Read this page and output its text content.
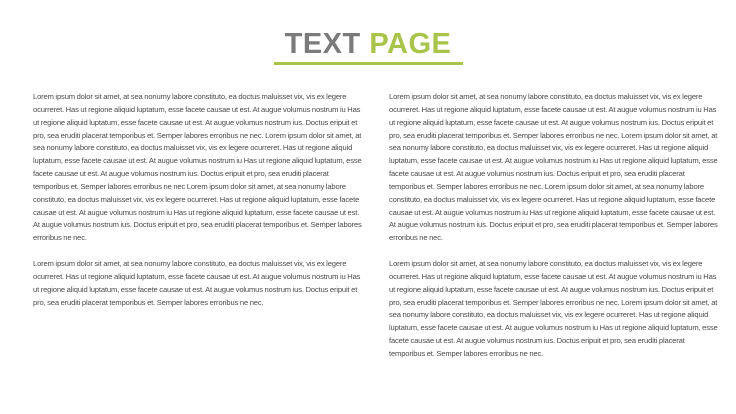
TEXT PAGE

Lorem ipsum dolor sit amet, at sea nonumy labore constituto, ea doctus maluisset vix, vis ex legere ocurreret. Has ut regione aliquid luptatum, esse facete causae ut est. At augue volumus nostrum iu Has ut regione aliquid luptatum, esse facete causae ut est. At augue volumus nostrum ius. Doctus eripuit et pro, sea eruditi placerat temporibus et. Semper labores erroribus ne nec. Lorem ipsum dolor sit amet, at sea nonumy labore constituto, ea doctus maluisset vix, vis ex legere ocurreret. Has ut regione aliquid luptatum, esse facete causae ut est. At augue volumus nostrum iu Has ut regione aliquid luptatum, esse facete causae ut est. At augue volumus nostrum ius. Doctus eripuit et pro, sea eruditi placerat temporibus et. Semper labores erroribus ne nec Lorem ipsum dolor sit amet, at sea nonumy labore constituto, ea doctus maluisset vix, vis ex legere ocurreret. Has ut regione aliquid luptatum, esse facete causae ut est. At augue volumus nostrum iu Has ut regione aliquid luptatum, esse facete causae ut est. At augue volumus nostrum ius. Doctus eripuit et pro, sea eruditi placerat temporibus et. Semper labores erroribus ne nec.

Lorem ipsum dolor sit amet, at sea nonumy labore constituto, ea doctus maluisset vix, vis ex legere ocurreret. Has ut regione aliquid luptatum, esse facete causae ut est. At augue volumus nostrum iu Has ut regione aliquid luptatum, esse facete causae ut est. At augue volumus nostrum ius. Doctus eripuit et pro, sea eruditi placerat temporibus et. Semper labores erroribus ne nec.

Lorem ipsum dolor sit amet, at sea nonumy labore constituto, ea doctus maluisset vix, vis ex legere ocurreret. Has ut regione aliquid luptatum, esse facete causae ut est. At augue volumus nostrum iu Has ut regione aliquid luptatum, esse facete causae ut est. At augue volumus nostrum ius. Doctus eripuit et pro, sea eruditi placerat temporibus et. Semper labores erroribus ne nec. Lorem ipsum dolor sit amet, at sea nonumy labore constituto, ea doctus maluisset vix, vis ex legere ocurreret. Has ut regione aliquid luptatum, esse facete causae ut est. At augue volumus nostrum iu Has ut regione aliquid luptatum, esse facete causae ut est. At augue volumus nostrum ius. Doctus eripuit et pro, sea eruditi placerat temporibus et. Semper labores erroribus ne nec. Lorem ipsum dolor sit amet, at sea nonumy labore constituto, ea doctus maluisset vix, vis ex legere ocurreret. Has ut regione aliquid luptatum, esse facete causae ut est. At augue volumus nostrum iu Has ut regione aliquid luptatum, esse facete causae ut est. At augue volumus nostrum ius. Doctus eripuit et pro, sea eruditi placerat temporibus et. Semper labores erroribus ne nec.

Lorem ipsum dolor sit amet, at sea nonumy labore constituto, ea doctus maluisset vix, vis ex legere ocurreret. Has ut regione aliquid luptatum, esse facete causae ut est. At augue volumus nostrum iu Has ut regione aliquid luptatum, esse facete causae ut est. At augue volumus nostrum ius. Doctus eripuit et pro, sea eruditi placerat temporibus et. Semper labores erroribus ne nec. Lorem ipsum dolor sit amet, at sea nonumy labore constituto, ea doctus maluisset vix, vis ex legere ocurreret. Has ut regione aliquid luptatum, esse facete causae ut est. At augue volumus nostrum iu Has ut regione aliquid luptatum, esse facete causae ut est. At augue volumus nostrum ius. Doctus eripuit et pro, sea eruditi placerat temporibus et. Semper labores erroribus ne nec.
